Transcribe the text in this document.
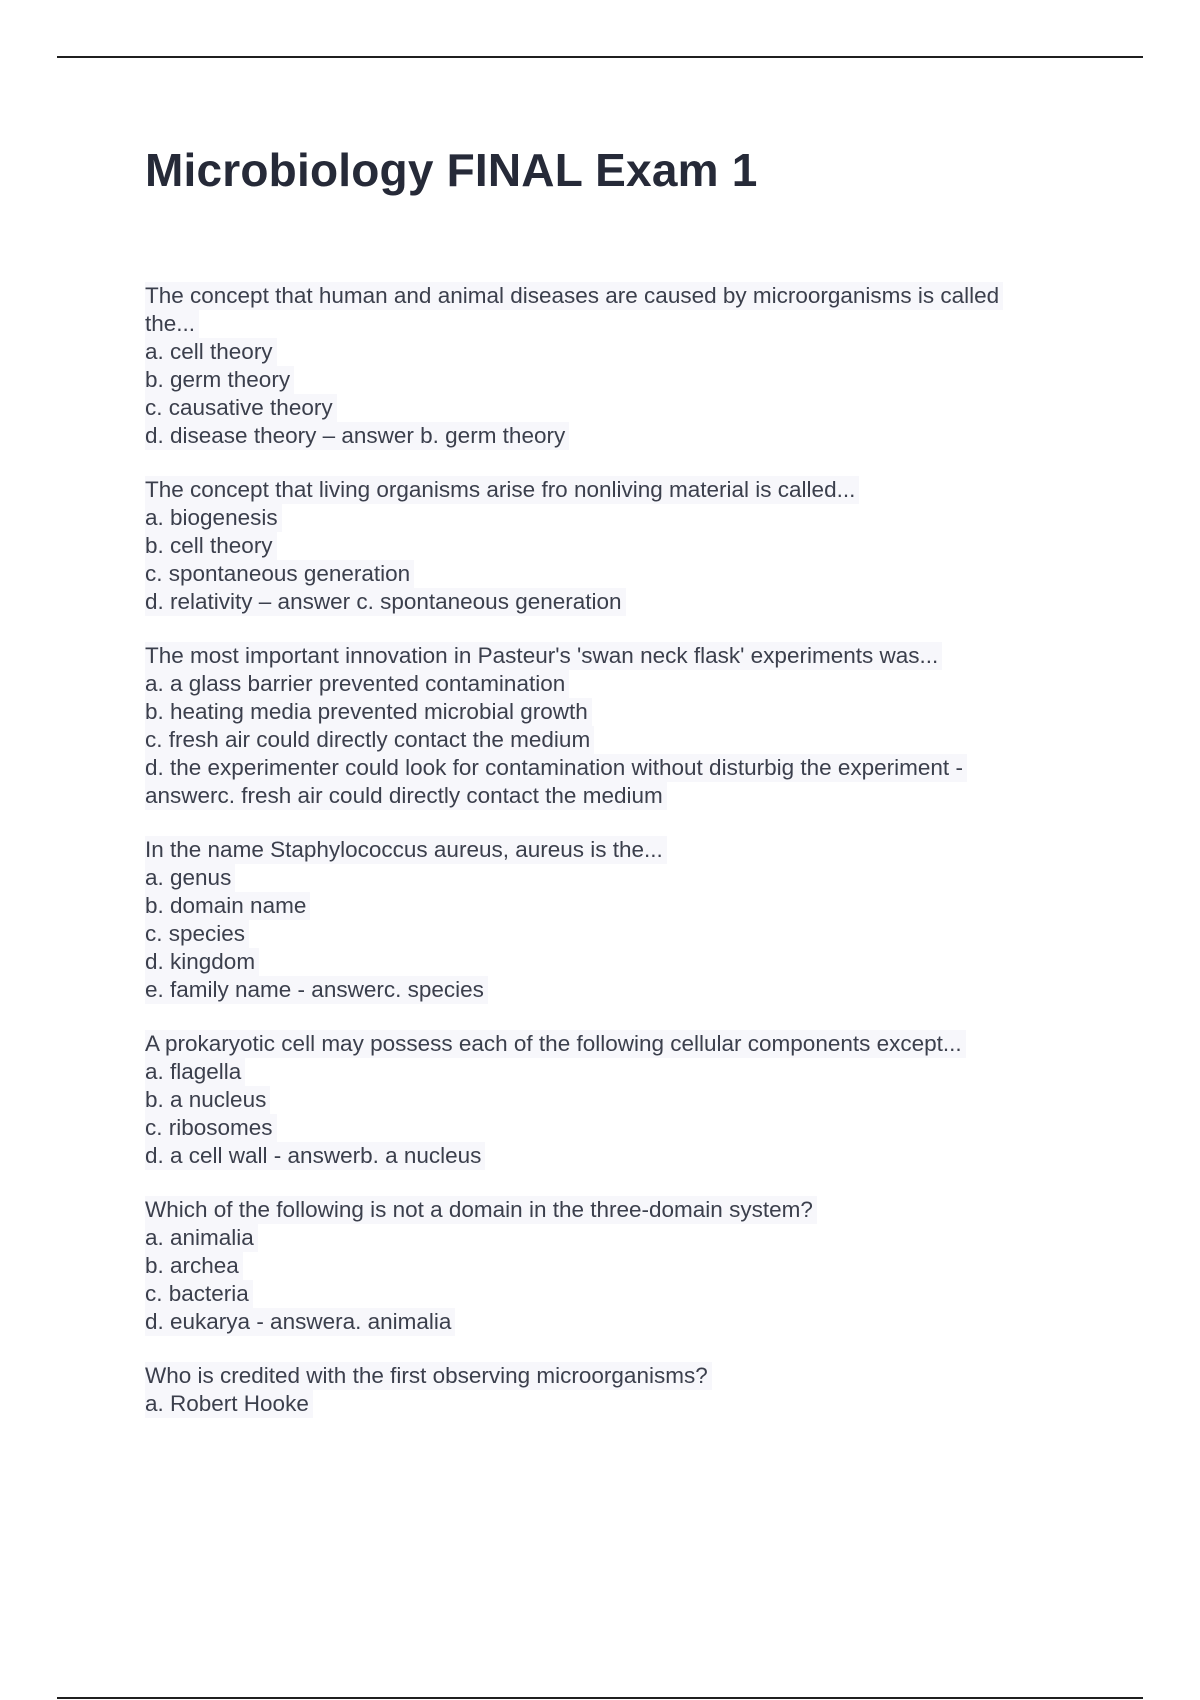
Microbiology FINAL Exam 1
The concept that human and animal diseases are caused by microorganisms is called
the...
a. cell theory
b. germ theory
c. causative theory
d. disease theory – answer b. germ theory
The concept that living organisms arise fro nonliving material is called...
a. biogenesis
b. cell theory
c. spontaneous generation
d. relativity – answer c. spontaneous generation
The most important innovation in Pasteur's 'swan neck flask' experiments was...
a. a glass barrier prevented contamination
b. heating media prevented microbial growth
c. fresh air could directly contact the medium
d. the experimenter could look for contamination without disturbig the experiment -
answerc. fresh air could directly contact the medium
In the name Staphylococcus aureus, aureus is the...
a. genus
b. domain name
c. species
d. kingdom
e. family name - answerc. species
A prokaryotic cell may possess each of the following cellular components except...
a. flagella
b. a nucleus
c. ribosomes
d. a cell wall - answerb. a nucleus
Which of the following is not a domain in the three-domain system?
a. animalia
b. archea
c. bacteria
d. eukarya - answera. animalia
Who is credited with the first observing microorganisms?
a. Robert Hooke
